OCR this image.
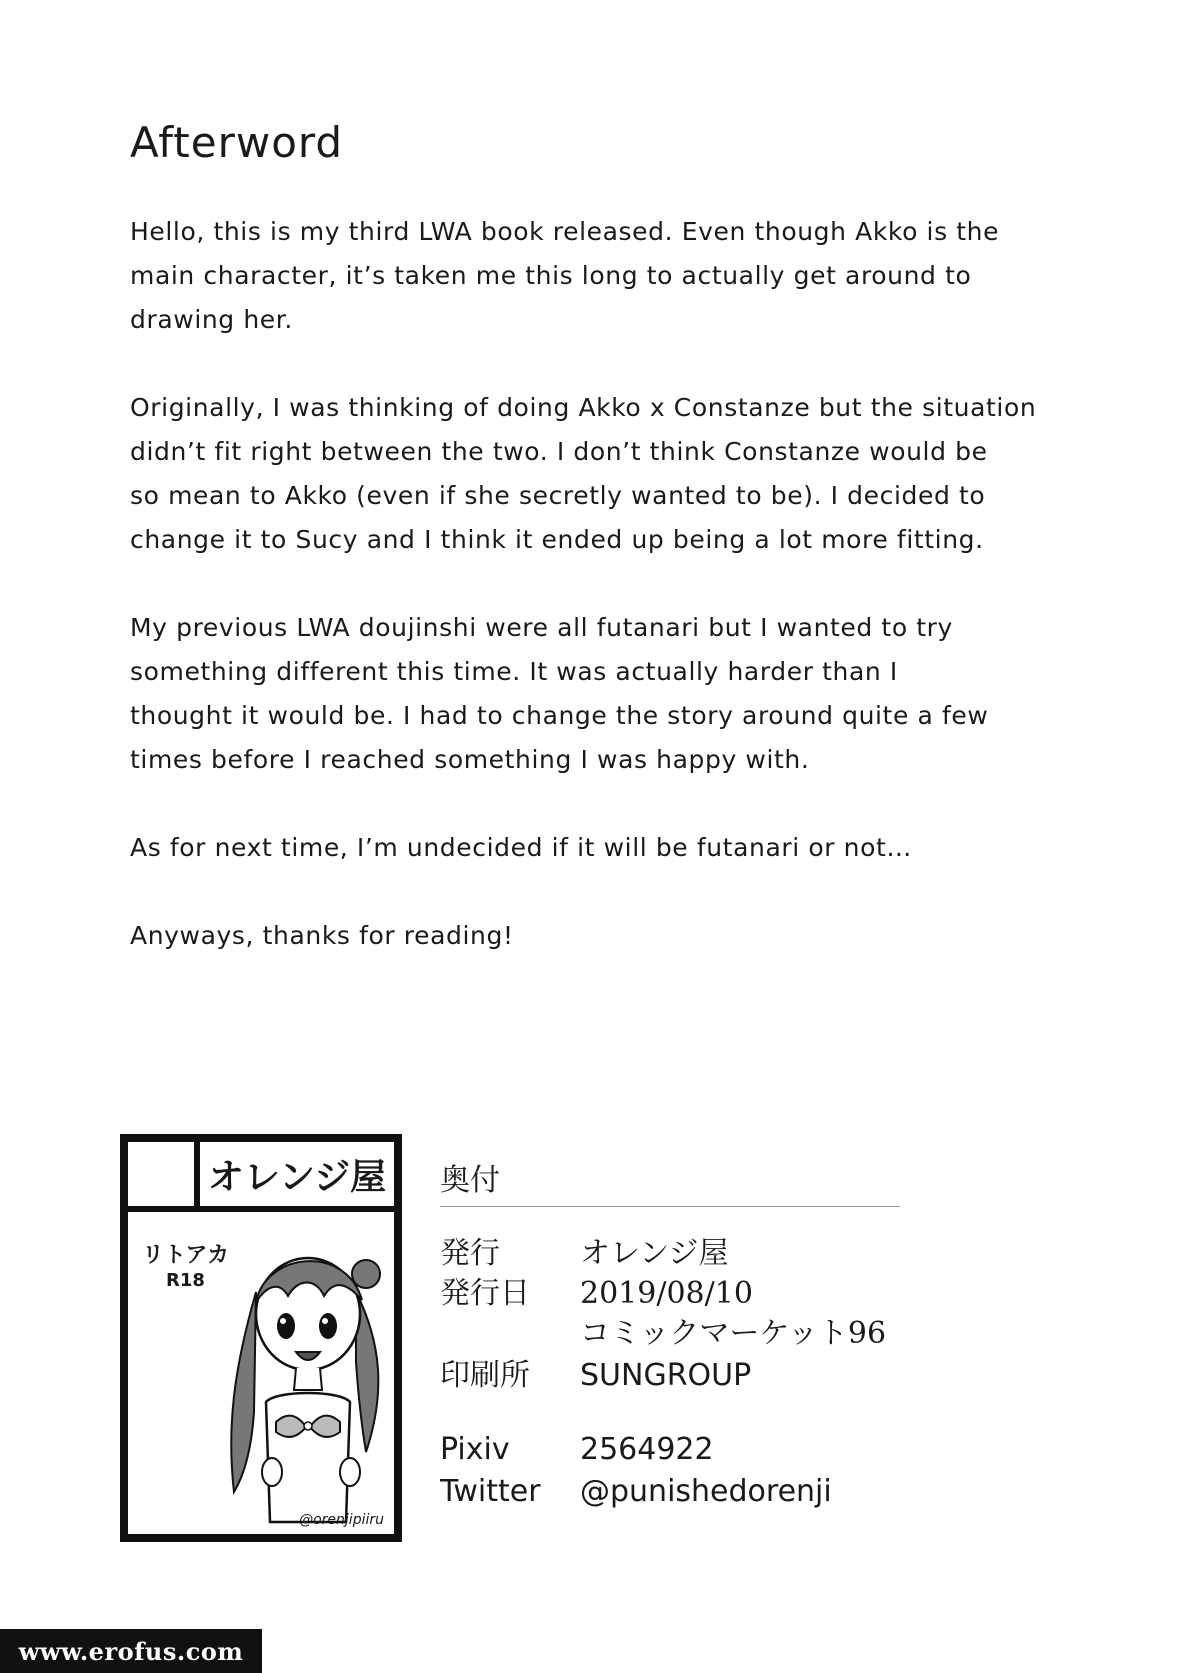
Afterword

Hello, this is my third LWA book released. Even though Akko is the
main character, it’s taken me this long to actually get around to
drawing her.

Originally, I was thinking of doing Akko x Constanze but the situation
didn’t fit right between the two. I don’t think Constanze would be
so mean to Akko (even if she secretly wanted to be). I decided to
change it to Sucy and I think it ended up being a lot more fitting.

My previous LWA doujinshi were all futanari but I wanted to try
something different this time. It was actually harder than I
thought it would be. I had to change the story around quite a few
times before I reached something I was happy with.

As for next time, I’m undecided if it will be futanari or not…

Anyways, thanks for reading!

オレンジ屋
リトアカ
R18
@orenjipiiru
奥付
発行	オレンジ屋
発行日 2019/08/10
コミックマーケット96
印刷所 SUNGROUP
Pixiv 2564922
Twitter @punishedorenji
www.erofus.com
